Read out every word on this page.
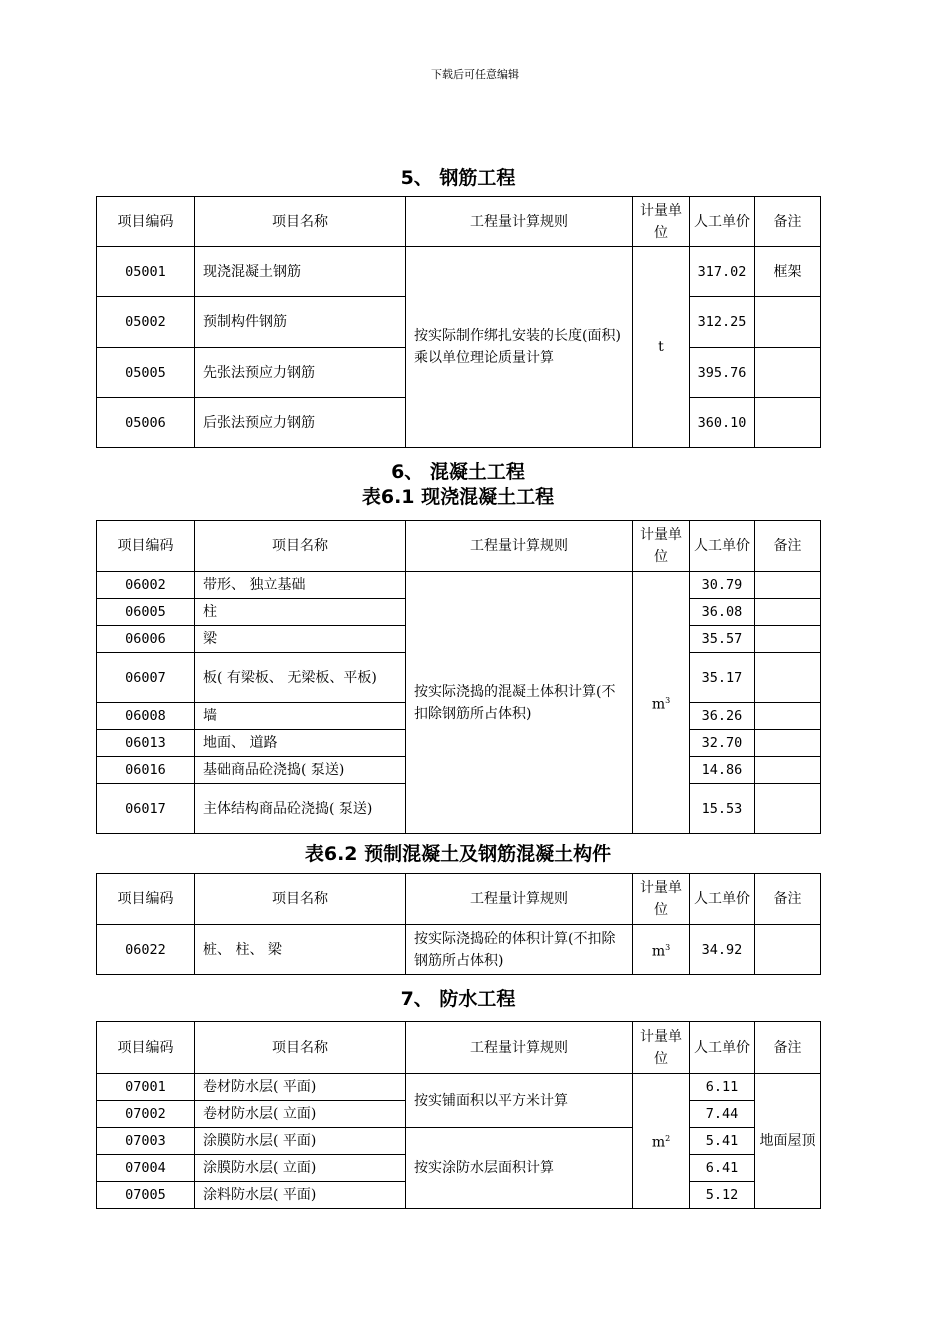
下载后可任意编辑
5、 钢筋工程
项目编码	项目名称	工程量计算规则	计量单位	人工单价	备注
05001	现浇混凝土钢筋	按实际制作绑扎安装的长度(面积)乘以单位理论质量计算	t	317.02	框架
05002	预制构件钢筋			312.25	
05005	先张法预应力钢筋			395.76	
05006	后张法预应力钢筋			360.10	
6、 混凝土工程
表6.1 现浇混凝土工程
项目编码	项目名称	工程量计算规则	计量单位	人工单价	备注
06002	带形、 独立基础	按实际浇捣的混凝土体积计算(不扣除钢筋所占体积)	$m^3$	30.79	
06005	柱			36.08	
06006	梁			35.57	
06007	板( 有梁板、 无梁板、平板)			35.17	
06008	墙			36.26	
06013	地面、 道路			32.70	
06016	基础商品砼浇捣( 泵送)			14.86	
06017	主体结构商品砼浇捣( 泵送)			15.53	
表6.2 预制混凝土及钢筋混凝土构件
项目编码	项目名称	工程量计算规则	计量单位	人工单价	备注
06022	桩、 柱、 梁	按实际浇捣砼的体积计算(不扣除钢筋所占体积)	$m^3$	34.92	
7、 防水工程
项目编码	项目名称	工程量计算规则	计量单位	人工单价	备注
07001	卷材防水层( 平面)	按实铺面积以平方米计算	$m^2$	6.11	地面屋顶
07002	卷材防水层( 立面)			7.44	
07003	涂膜防水层( 平面)	按实涂防水层面积计算		5.41	
07004	涂膜防水层( 立面)			6.41	
07005	涂料防水层( 平面)			5.12	
